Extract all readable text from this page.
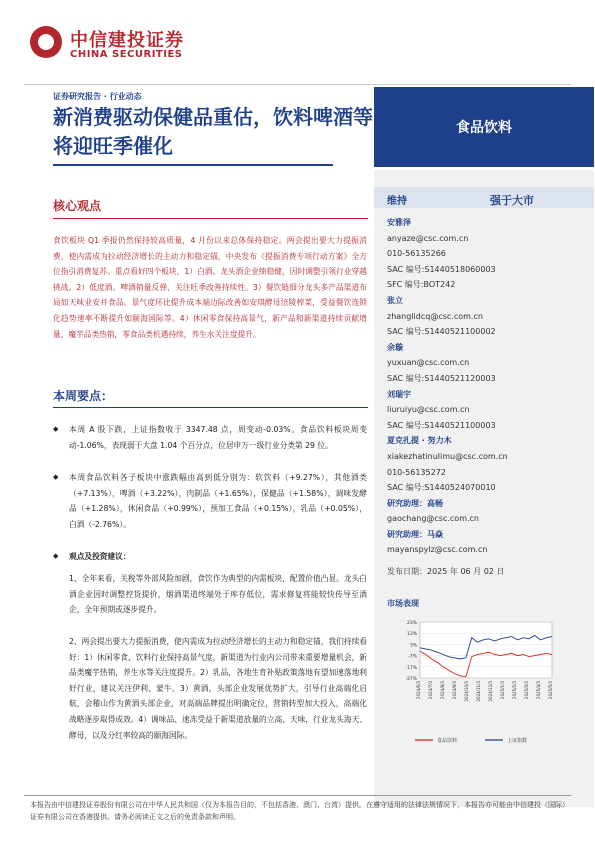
中信建投证券
CHINA SECURITIES
证券研究报告 · 行业动态
新消费驱动保健品重估，饮料啤酒等将迎旺季催化
食品饮料
维持	强于大市
安雅泽
anyaze@csc.com.cn
010-56135266
SAC 编号:S1440518060003
SFC 编号:BOT242
张立
zhanglidcq@csc.com.cn
SAC 编号:S1440521100002
余璇
yuxuan@csc.com.cn
SAC 编号:S1440521120003
刘瑞宇
liuruiyu@csc.com.cn
SAC 编号:S1440521100003
夏克扎提 · 努力木
xiakezhatinulimu@csc.com.cn
010-56135272
SAC 编号:S1440524070010
研究助理：高畅
gaochang@csc.com.cn
研究助理：马焱
mayanspylz@csc.com.cn
发布日期：2025 年 06 月 02 日
市场表现
23%
13%
3%
-7%
-17%
-27%
2024/6/3 2024/7/3 2024/8/3 2024/9/3 2024/10/3 2024/11/3 2024/12/3 2025/1/3 2025/2/3 2025/3/3 2025/4/3 2025/5/3
食品饮料	上证指数
核心观点
食饮板块 Q1 季报仍然保持较高质量，4 月份以来总体保持稳定。两会提出要大力提振消费，使内需成为拉动经济增长的主动力和稳定锚，中央发布《提振消费专项行动方案》全方位指引消费复苏。重点看好四个板块，1）白酒。龙头酒企业绩稳健，因时调整引领行业穿越挑战。2）低度酒。啤酒销量反弹，关注旺季改善持续性。3）餐饮链细分龙头多产品渠道布局如天味业安井食品。景气度环比提升成本端边际改善如安琪酵母涪陵榨菜，受益餐饮连锁化趋势速率不断提升如颐海国际等。4）休闲零食保持高景气，新产品和新渠道持续贡献增量，魔芋品类热销，零食品类机遇持续，养生水关注度提升。
本周要点：
◆ 本周 A 股下跌，上证指数收于 3347.48 点，周变动-0.03%。食品饮料板块周变动-1.06%，表现弱于大盘 1.04 个百分点，位居申万一级行业分类第 29 位。
◆ 本周食品饮料各子板块中涨跌幅由高到低分别为：软饮料（+9.27%），其他酒类（+7.13%），啤酒（+3.22%），肉制品（+1.65%），保健品（+1.58%），调味发酵品（+1.28%），休闲食品（+0.99%），预加工食品（+0.15%），乳品（+0.05%），白酒（-2.76%）。
◆ 观点及投资建议：
1、全年来看，关税等外部风险加剧，食饮作为典型的内需板块，配置价值凸显。龙头白酒企业因时调整控货提价，烟酒渠道终端处于库存低位，需求修复将能较快传导至酒企，全年预期或逐步提升。
2、两会提出要大力提振消费，使内需成为拉动经济增长的主动力和稳定锚，我们持续看好：1）休闲零食、饮料行业保持高景气度，新渠道为行业内公司带来重要增量机会，新品类魔芋热销，养生水等关注度提升。2）乳品，各地生育补贴政策落地有望加速落地利好行业，建议关注伊利、蒙牛。3）黄酒，头部企业发展优势扩大，引导行业高端化启航，会稽山作为黄酒头部企业，对高端品牌提出明确定位，营销转型加大投入，高端化战略逐步取得成效。4）调味品、速冻受益于新渠道放量的立高、天味，行业龙头海天、酵母，以及分红率较高的颐海国际。
本报告由中信建投证券股份有限公司在中华人民共和国（仅为本报告目的，不包括香港、澳门、台湾）提供。在遵守适用的法律法规情况下，本报告亦可能由中信建投（国际）证券有限公司在香港提供。请务必阅读正文之后的免责条款和声明。
